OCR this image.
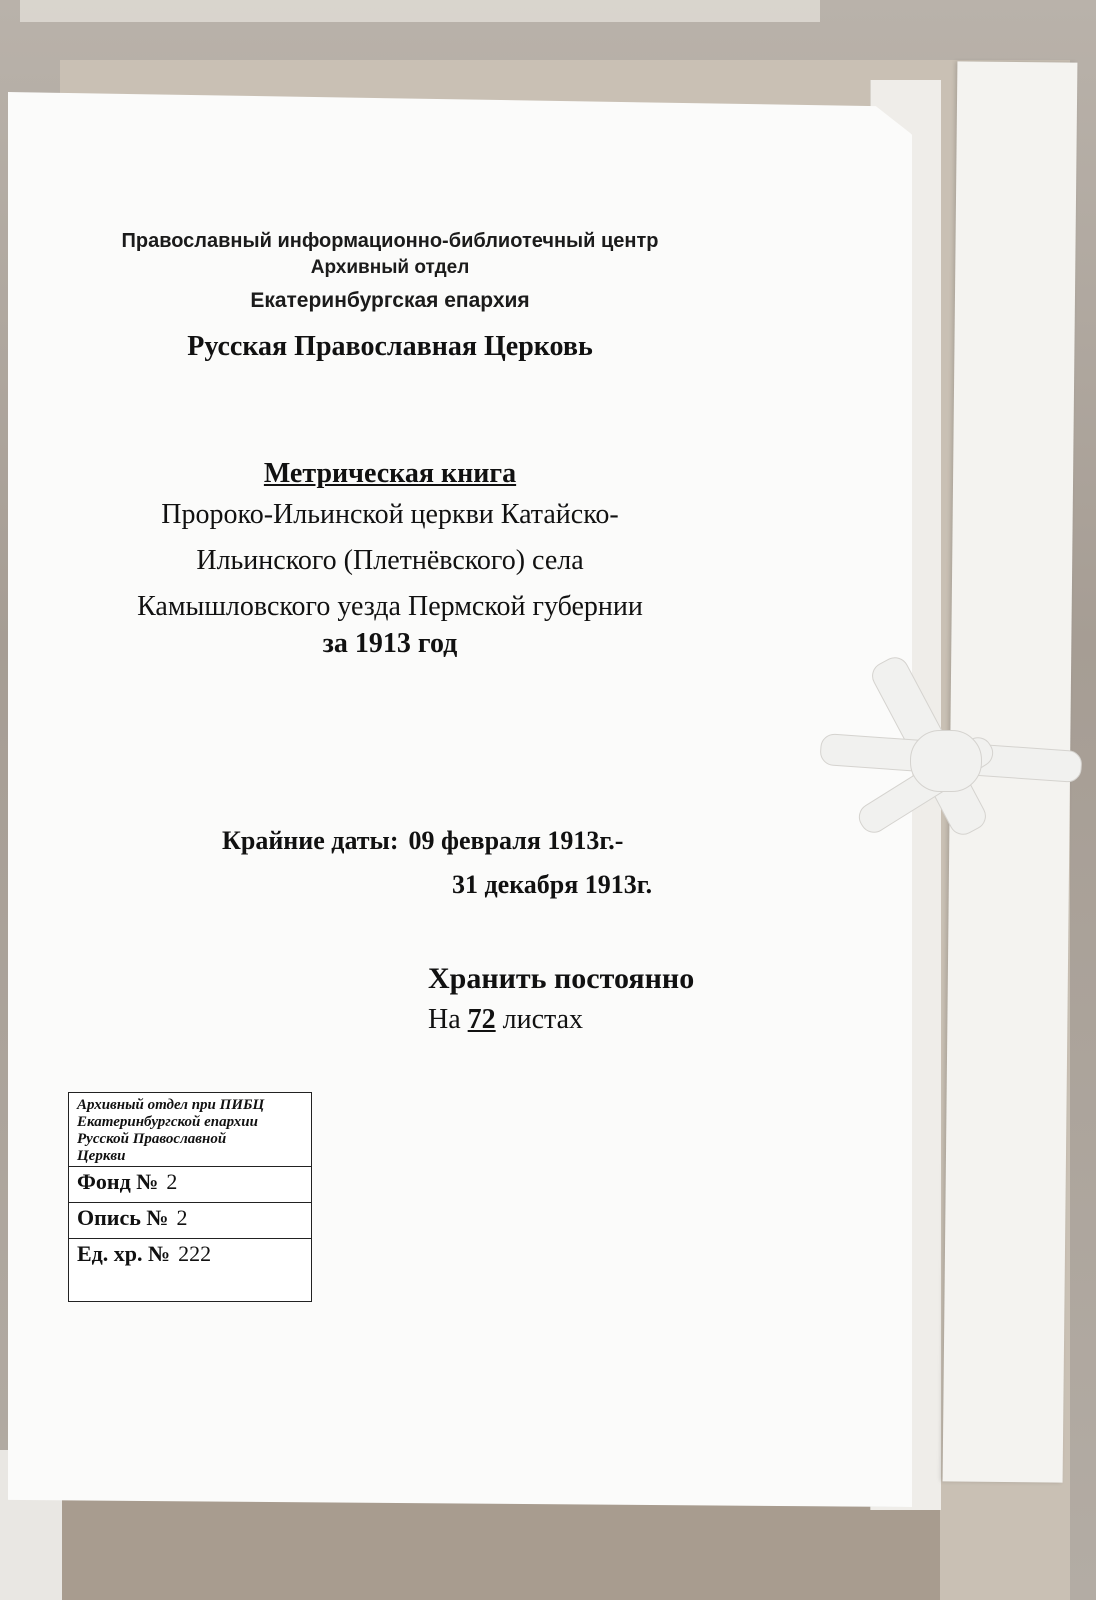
Православный информационно-библиотечный центр
Архивный отдел
Екатеринбургская епархия
Русская Православная Церковь
Метрическая книга
Пророко-Ильинской церкви Катайско-
Ильинского (Плетнёвского) села
Камышловского уезда Пермской губернии
за 1913 год
Крайние даты: 09 февраля 1913г.-
31 декабря 1913г.
Хранить постоянно
На 72 листах
Архивный отдел при ПИБЦ
Екатеринбургской епархии
Русской Православной
Церкви
Фонд № 2
Опись № 2
Ед. хр. № 222
